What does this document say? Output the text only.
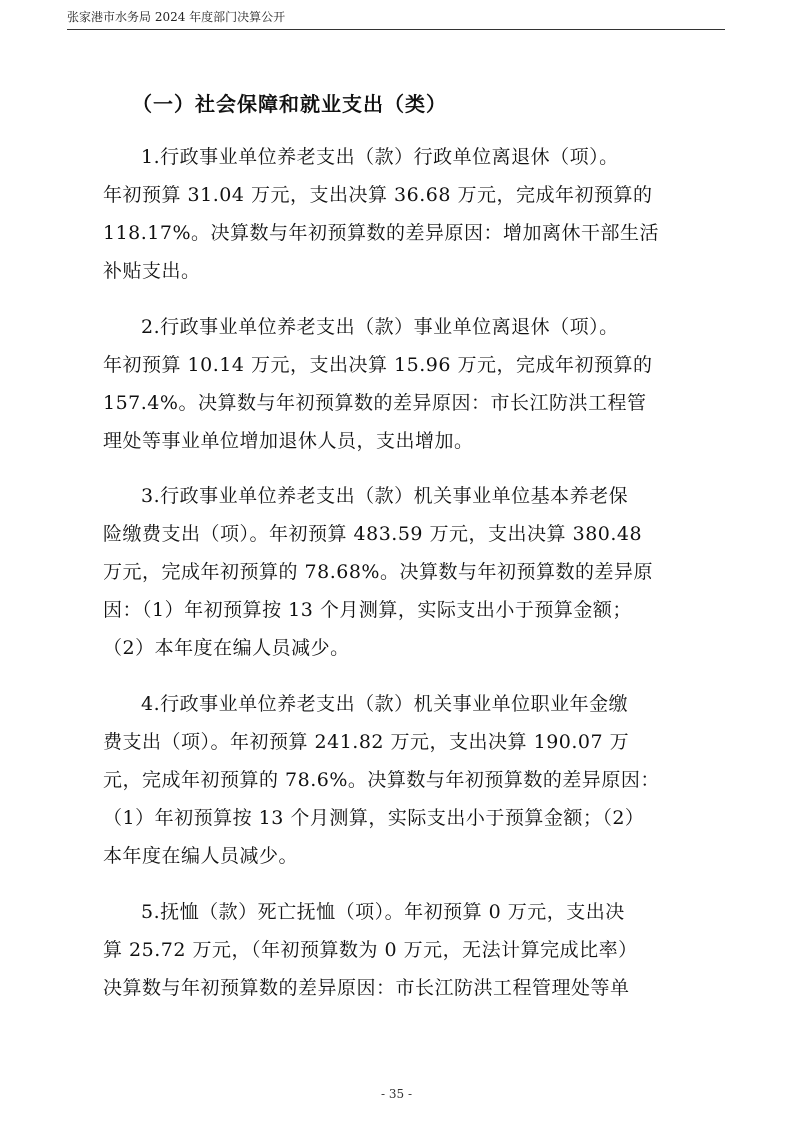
张家港市水务局 2024 年度部门决算公开
（一）社会保障和就业支出（类）
1.行政事业单位养老支出（款）行政单位离退休（项）。
年初预算 31.04 万元，支出决算 36.68 万元，完成年初预算的
118.17%。决算数与年初预算数的差异原因：增加离休干部生活
补贴支出。
2.行政事业单位养老支出（款）事业单位离退休（项）。
年初预算 10.14 万元，支出决算 15.96 万元，完成年初预算的
157.4%。决算数与年初预算数的差异原因：市长江防洪工程管
理处等事业单位增加退休人员，支出增加。
3.行政事业单位养老支出（款）机关事业单位基本养老保
险缴费支出（项）。年初预算 483.59 万元，支出决算 380.48
万元，完成年初预算的 78.68%。决算数与年初预算数的差异原
因：（1）年初预算按 13 个月测算，实际支出小于预算金额；
（2）本年度在编人员减少。
4.行政事业单位养老支出（款）机关事业单位职业年金缴
费支出（项）。年初预算 241.82 万元，支出决算 190.07 万
元，完成年初预算的 78.6%。决算数与年初预算数的差异原因：
（1）年初预算按 13 个月测算，实际支出小于预算金额；（2）
本年度在编人员减少。
5.抚恤（款）死亡抚恤（项）。年初预算 0 万元，支出决
算 25.72 万元，（年初预算数为 0 万元，无法计算完成比率）
决算数与年初预算数的差异原因：市长江防洪工程管理处等单
- 35 -
